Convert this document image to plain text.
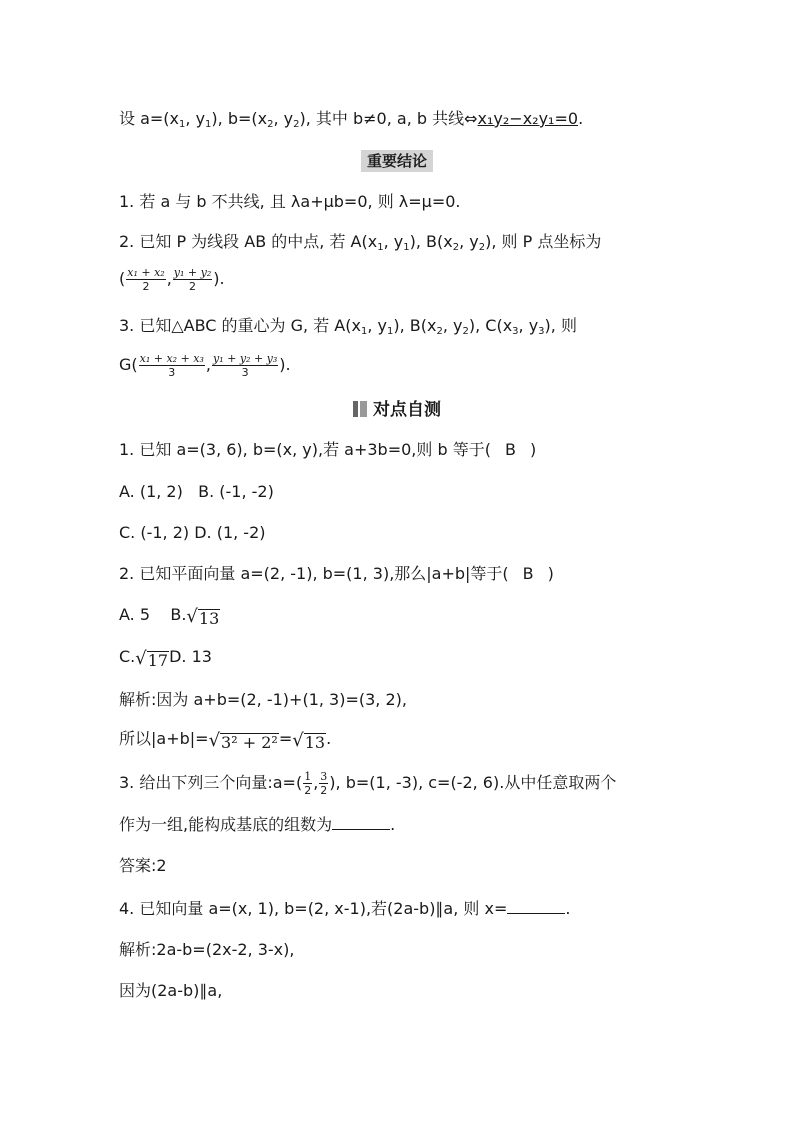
设 $a=(x_1$, $y_1$), $b=(x_2$, $y_2$), 其中 b≠0, a, b 共线⇔x₁y₂−x₂y₁=0.
重要结论
1. 若 a 与 b 不共线, 且 λa+μb=0, 则 λ=μ=0.
2. 已知 P 为线段 AB 的中点, 若 $A(x_1$, $y_1$), $B(x_2$, $y_2$), 则 P 点坐标为
( $\frac{\text{x₁ + x₂}}{2}$ , $\frac{\text{y₁ + y₂}}{2}$ ).
3. 已知△ABC 的重心为 G, 若 $A(x_1$, $y_1$), $B(x_2$, $y_2$), $C(x_3$, $y_3$), 则
$G( \frac{\text{x₁ + x₂ + x₃}}{3}$ , $\frac{\text{y₁ + y₂ + y₃}}{3}$ ).
对点自测
1. 已知 a=(3, 6), b=(x, y),若 a+3b=0,则 b 等于( B )
A. (1, 2)   B. (-1, -2)
C. (-1, 2) D. (1, -2)
2. 已知平面向量 a=(2, -1), b=(1, 3),那么|a+b|等于( B )
A. 5    B. √ 13
C. √ 17 D. 13
解析:因为 a+b=(2, -1)+(1, 3)=(3, 2),
所以|a+b|= √ 3² + 2² = √ 13 .
3. 给出下列三个向量:a=( $\frac{1}{2}$ , $\frac{3}{2}$ ), b=(1, -3), c=(-2, 6).从中任意取两个
作为一组,能构成基底的组数为	.
答案:2
4. 已知向量 a=(x, 1), b=(2, x-1),若(2a-b)∥a, 则 x=	.
解析:2a-b=(2x-2, 3-x),
因为(2a-b)∥a,
